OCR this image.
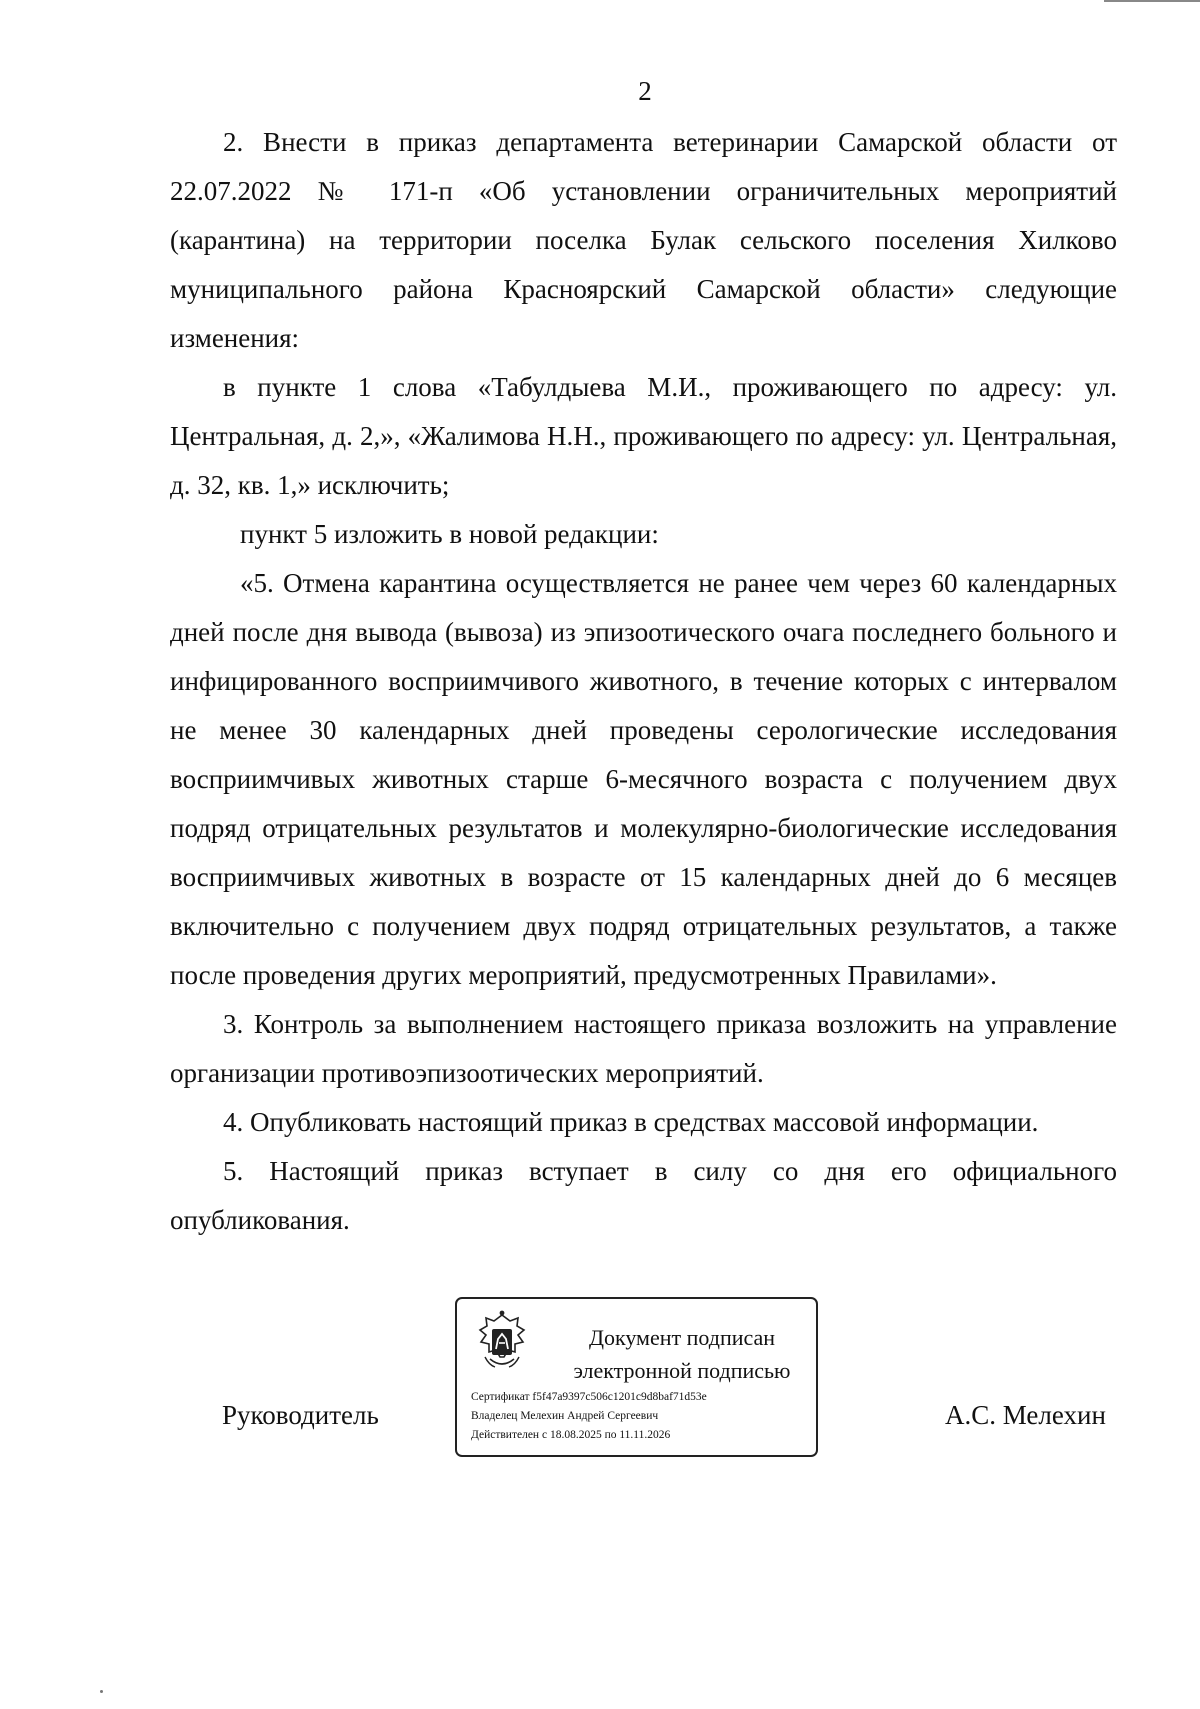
2

2. Внести в приказ департамента ветеринарии Самарской области от 22.07.2022 № 171-п «Об установлении ограничительных мероприятий (карантина) на территории поселка Булак сельского поселения Хилково муниципального района Красноярский Самарской области» следующие изменения:

в пункте 1 слова «Табулдыева М.И., проживающего по адресу: ул. Центральная, д. 2,», «Жалимова Н.Н., проживающего по адресу: ул. Центральная, д. 32, кв. 1,» исключить;

пункт 5 изложить в новой редакции:

«5. Отмена карантина осуществляется не ранее чем через 60 календарных дней после дня вывода (вывоза) из эпизоотического очага последнего больного и инфицированного восприимчивого животного, в течение которых с интервалом не менее 30 календарных дней проведены серологические исследования восприимчивых животных старше 6-месячного возраста с получением двух подряд отрицательных результатов и молекулярно-биологические исследования восприимчивых животных в возрасте от 15 календарных дней до 6 месяцев включительно с получением двух подряд отрицательных результатов, а также после проведения других мероприятий, предусмотренных Правилами».

3. Контроль за выполнением настоящего приказа возложить на управление организации противоэпизоотических мероприятий.

4. Опубликовать настоящий приказ в средствах массовой информации.

5. Настоящий приказ вступает в силу со дня его официального опубликования.

Руководитель
Документ подписан
электронной подписью
Сертификат f5f47a9397c506c1201c9d8baf71d53e
Владелец Мелехин Андрей Сергеевич
Действителен с 18.08.2025 по 11.11.2026
А.С. Мелехин
